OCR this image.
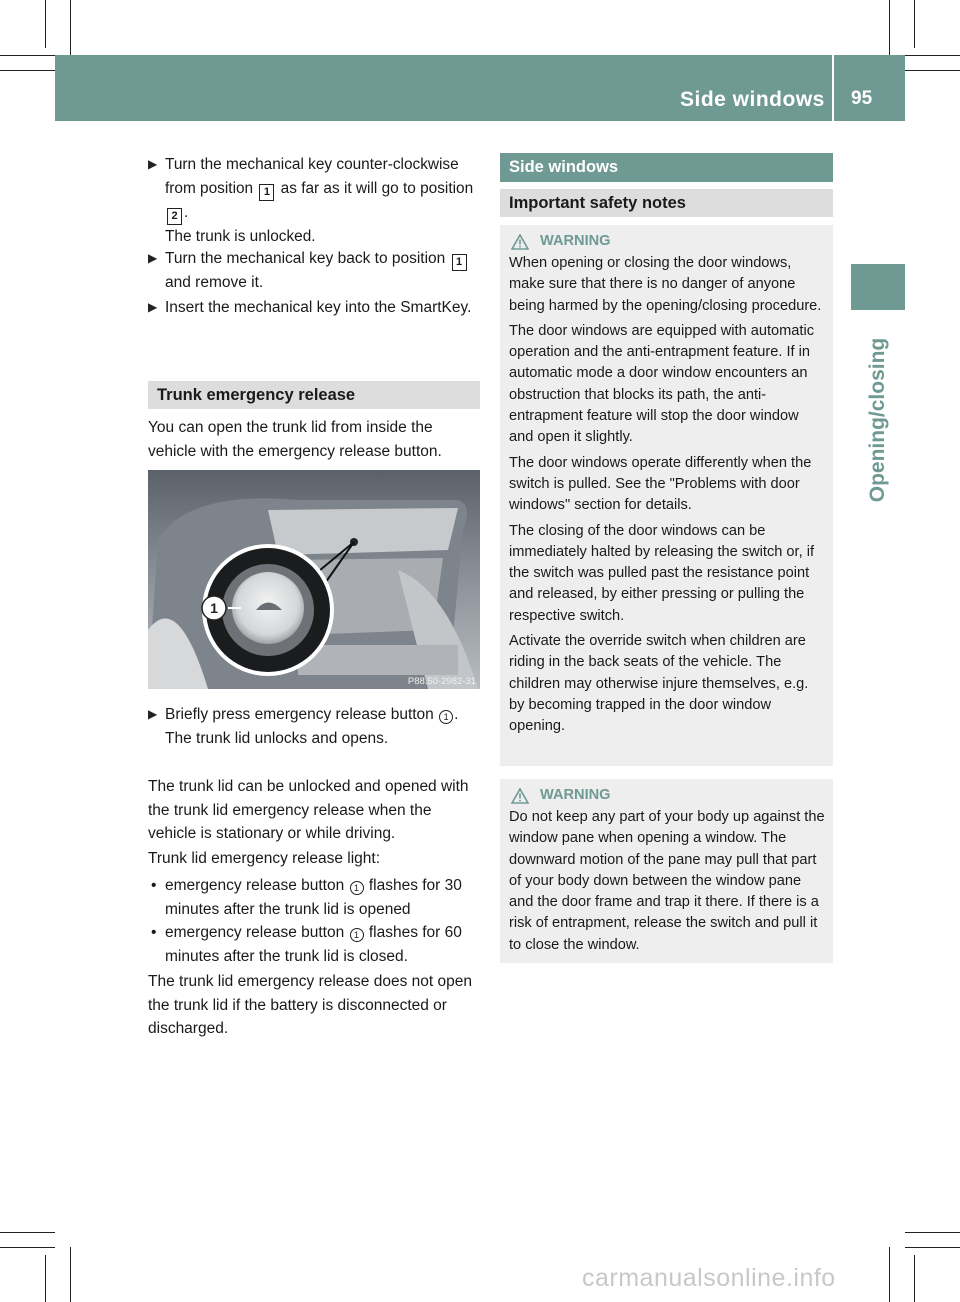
Side windows 95
Opening/closing
▶ Turn the mechanical key counter-clockwise from position 1 as far as it will go to position 2 .
The trunk is unlocked.
▶ Turn the mechanical key back to position 1 and remove it.
▶ Insert the mechanical key into the SmartKey.
Trunk emergency release
You can open the trunk lid from inside the vehicle with the emergency release button.
1
P88.50-2982-31
▶ Briefly press emergency release button 1 .
The trunk lid unlocks and opens.
The trunk lid can be unlocked and opened with the trunk lid emergency release when the vehicle is stationary or while driving.
Trunk lid emergency release light:
• emergency release button 1 flashes for 30 minutes after the trunk lid is opened
• emergency release button 1 flashes for 60 minutes after the trunk lid is closed.
The trunk lid emergency release does not open the trunk lid if the battery is disconnected or discharged.
Side windows
Important safety notes
WARNING

When opening or closing the door windows, make sure that there is no danger of anyone being harmed by the opening/closing procedure.

The door windows are equipped with automatic operation and the anti-entrapment feature. If in automatic mode a door window encounters an obstruction that blocks its path, the anti-entrapment feature will stop the door window and open it slightly.

The door windows operate differently when the switch is pulled. See the "Problems with door windows" section for details.

The closing of the door windows can be immediately halted by releasing the switch or, if the switch was pulled past the resistance point and released, by either pressing or pulling the respective switch.

Activate the override switch when children are riding in the back seats of the vehicle. The children may otherwise injure themselves, e.g. by becoming trapped in the door window opening.

WARNING

Do not keep any part of your body up against the window pane when opening a window. The downward motion of the pane may pull that part of your body down between the window pane and the door frame and trap it there. If there is a risk of entrapment, release the switch and pull it to close the window.

carmanualsonline.info
